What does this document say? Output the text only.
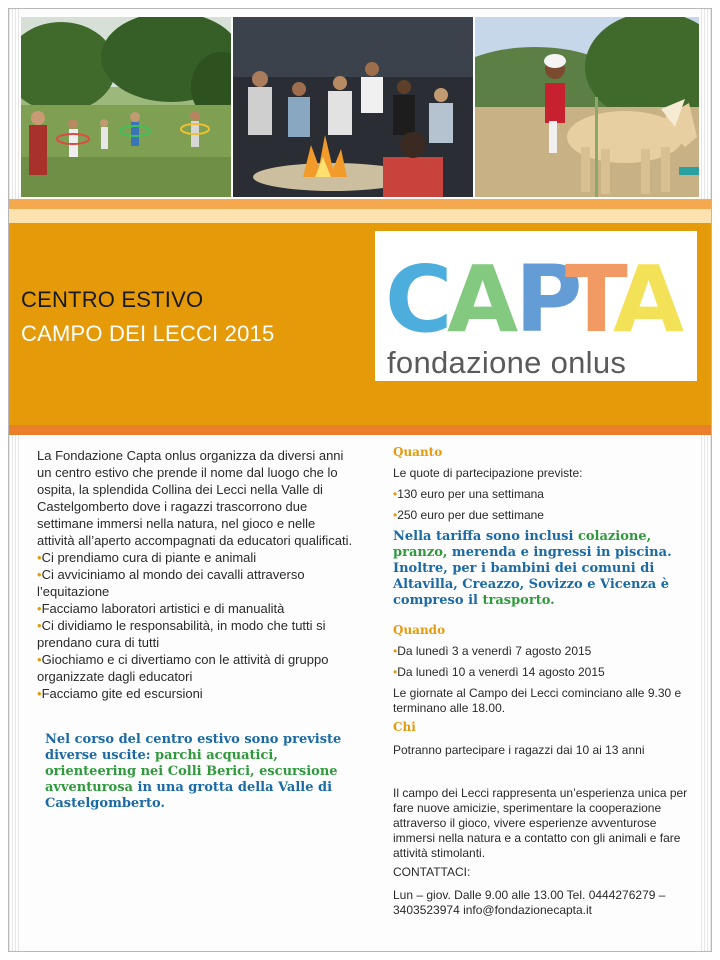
CENTRO ESTIVO
CAMPO DEI LECCI 2015 C
A
P
T
A
fondazione onlus

La Fondazione Capta onlus organizza da diversi anni un centro estivo che prende il nome dal luogo che lo ospita, la splendida Collina dei Lecci nella Valle di Castelgomberto dove i ragazzi trascorrono due settimane immersi nella natura, nel gioco e nelle attività all’aperto accompagnati da educatori qualificati.

•Ci prendiamo cura di piante e animali

•Ci avviciniamo al mondo dei cavalli attraverso l’equitazione

•Facciamo laboratori artistici e di manualità

•Ci dividiamo le responsabilità, in modo che tutti si prendano cura di tutti

•Giochiamo e ci divertiamo con le attività di gruppo organizzate dagli educatori

•Facciamo gite ed escursioni

Nel corso del centro estivo sono previste diverse uscite: parchi acquatici, orienteering nei Colli Berici, escursione avventurosa in una grotta della Valle di Castelgomberto.

Quanto

Le quote di partecipazione previste:

•130 euro per una settimana

•250 euro per due settimane

Nella tariffa sono inclusi colazione, pranzo, merenda e ingressi in piscina. Inoltre, per i bambini dei comuni di Altavilla, Creazzo, Sovizzo e Vicenza è compreso il trasporto.

Quando

•Da lunedì 3 a venerdì 7 agosto 2015

•Da lunedì 10 a venerdì 14 agosto 2015

Le giornate al Campo dei Lecci cominciano alle 9.30 e terminano alle 18.00.

Chi

Potranno partecipare i ragazzi dai 10 ai 13 anni

Il campo dei Lecci rappresenta un’esperienza unica per fare nuove amicizie, sperimentare la cooperazione attraverso il gioco, vivere esperienze avventurose immersi nella natura e a contatto con gli animali e fare attività stimolanti.

CONTATTACI:

Lun – giov. Dalle 9.00 alle 13.00 Tel. 0444276279 – 3403523974 info@fondazionecapta.it
